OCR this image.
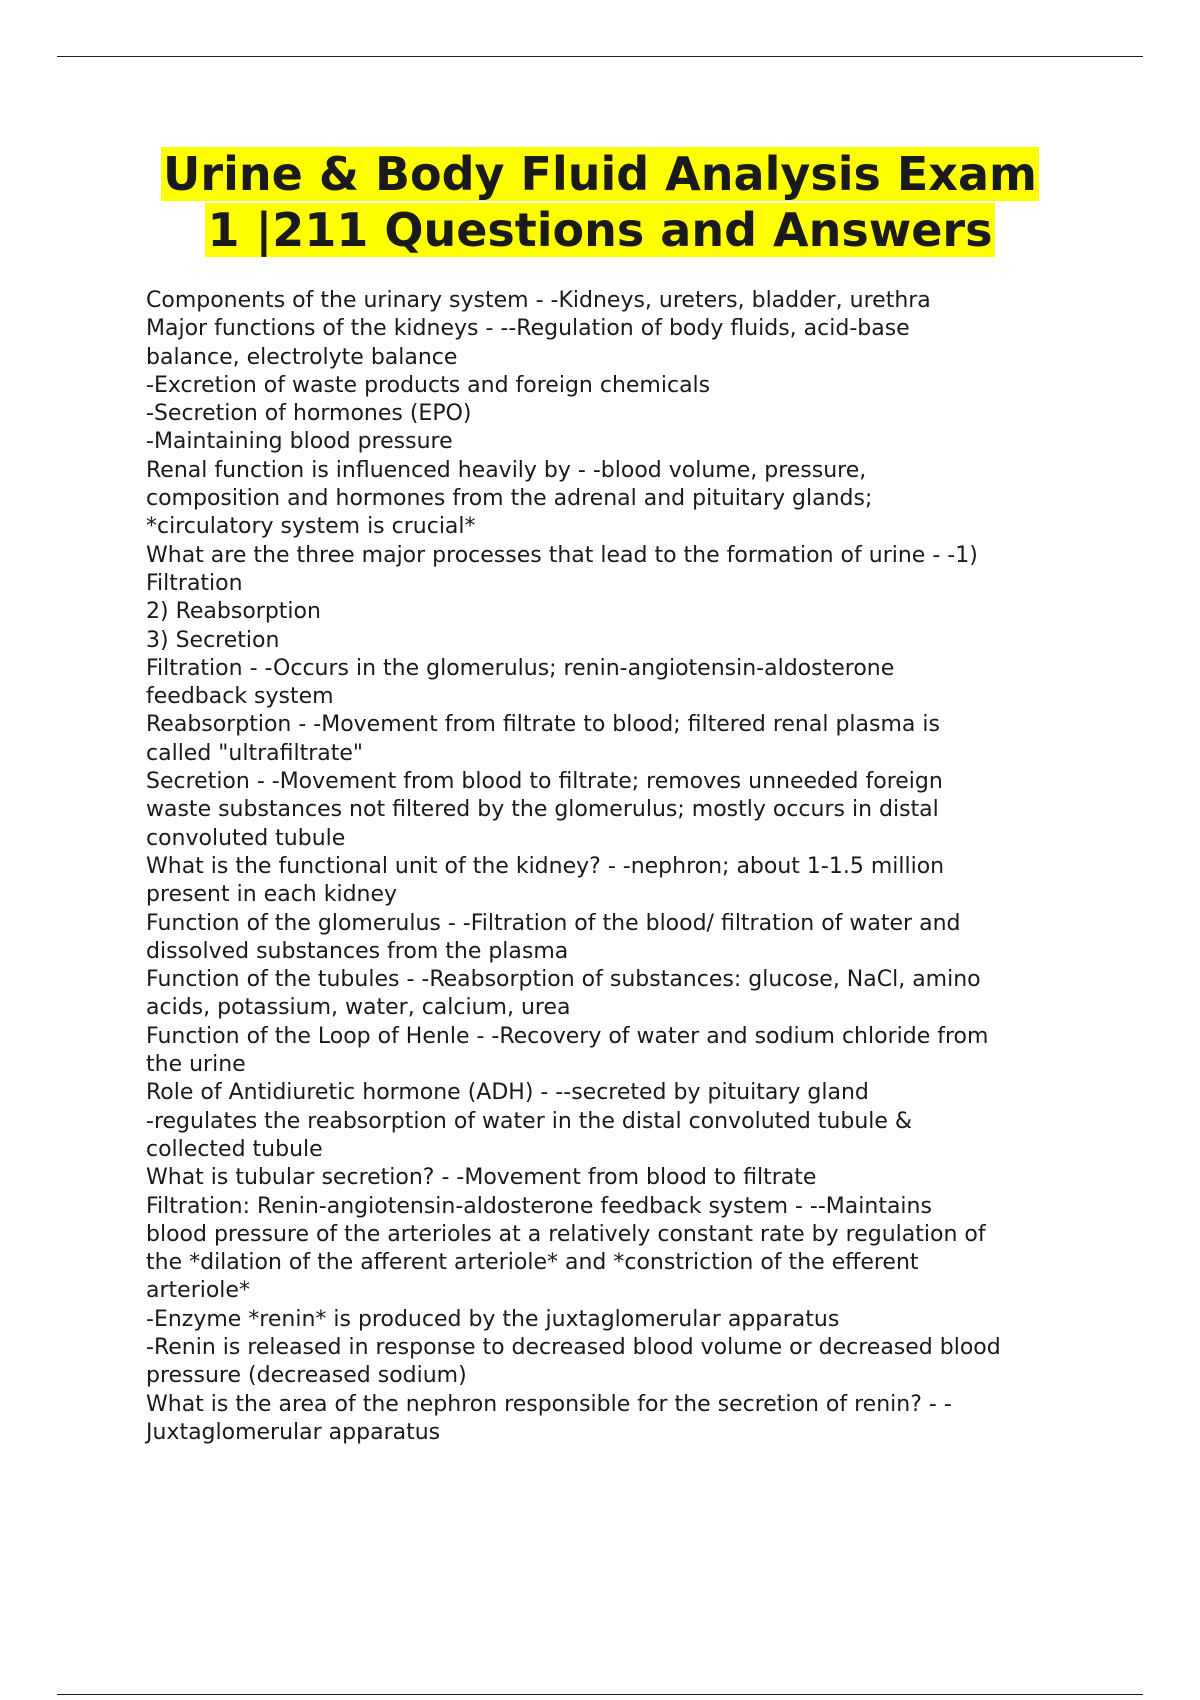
Urine & Body Fluid Analysis Exam
1 |211 Questions and Answers
Components of the urinary system - -Kidneys, ureters, bladder, urethra
Major functions of the kidneys - --Regulation of body fluids, acid-base
balance, electrolyte balance
-Excretion of waste products and foreign chemicals
-Secretion of hormones (EPO)
-Maintaining blood pressure
Renal function is influenced heavily by - -blood volume, pressure,
composition and hormones from the adrenal and pituitary glands;
*circulatory system is crucial*
What are the three major processes that lead to the formation of urine - -1)
Filtration
2) Reabsorption
3) Secretion
Filtration - -Occurs in the glomerulus; renin-angiotensin-aldosterone
feedback system
Reabsorption - -Movement from filtrate to blood; filtered renal plasma is
called "ultrafiltrate"
Secretion - -Movement from blood to filtrate; removes unneeded foreign
waste substances not filtered by the glomerulus; mostly occurs in distal
convoluted tubule
What is the functional unit of the kidney? - -nephron; about 1-1.5 million
present in each kidney
Function of the glomerulus - -Filtration of the blood/ filtration of water and
dissolved substances from the plasma
Function of the tubules - -Reabsorption of substances: glucose, NaCl, amino
acids, potassium, water, calcium, urea
Function of the Loop of Henle - -Recovery of water and sodium chloride from
the urine
Role of Antidiuretic hormone (ADH) - --secreted by pituitary gland
-regulates the reabsorption of water in the distal convoluted tubule &
collected tubule
What is tubular secretion? - -Movement from blood to filtrate
Filtration: Renin-angiotensin-aldosterone feedback system - --Maintains
blood pressure of the arterioles at a relatively constant rate by regulation of
the *dilation of the afferent arteriole* and *constriction of the efferent
arteriole*
-Enzyme *renin* is produced by the juxtaglomerular apparatus
-Renin is released in response to decreased blood volume or decreased blood
pressure (decreased sodium)
What is the area of the nephron responsible for the secretion of renin? - -
Juxtaglomerular apparatus
